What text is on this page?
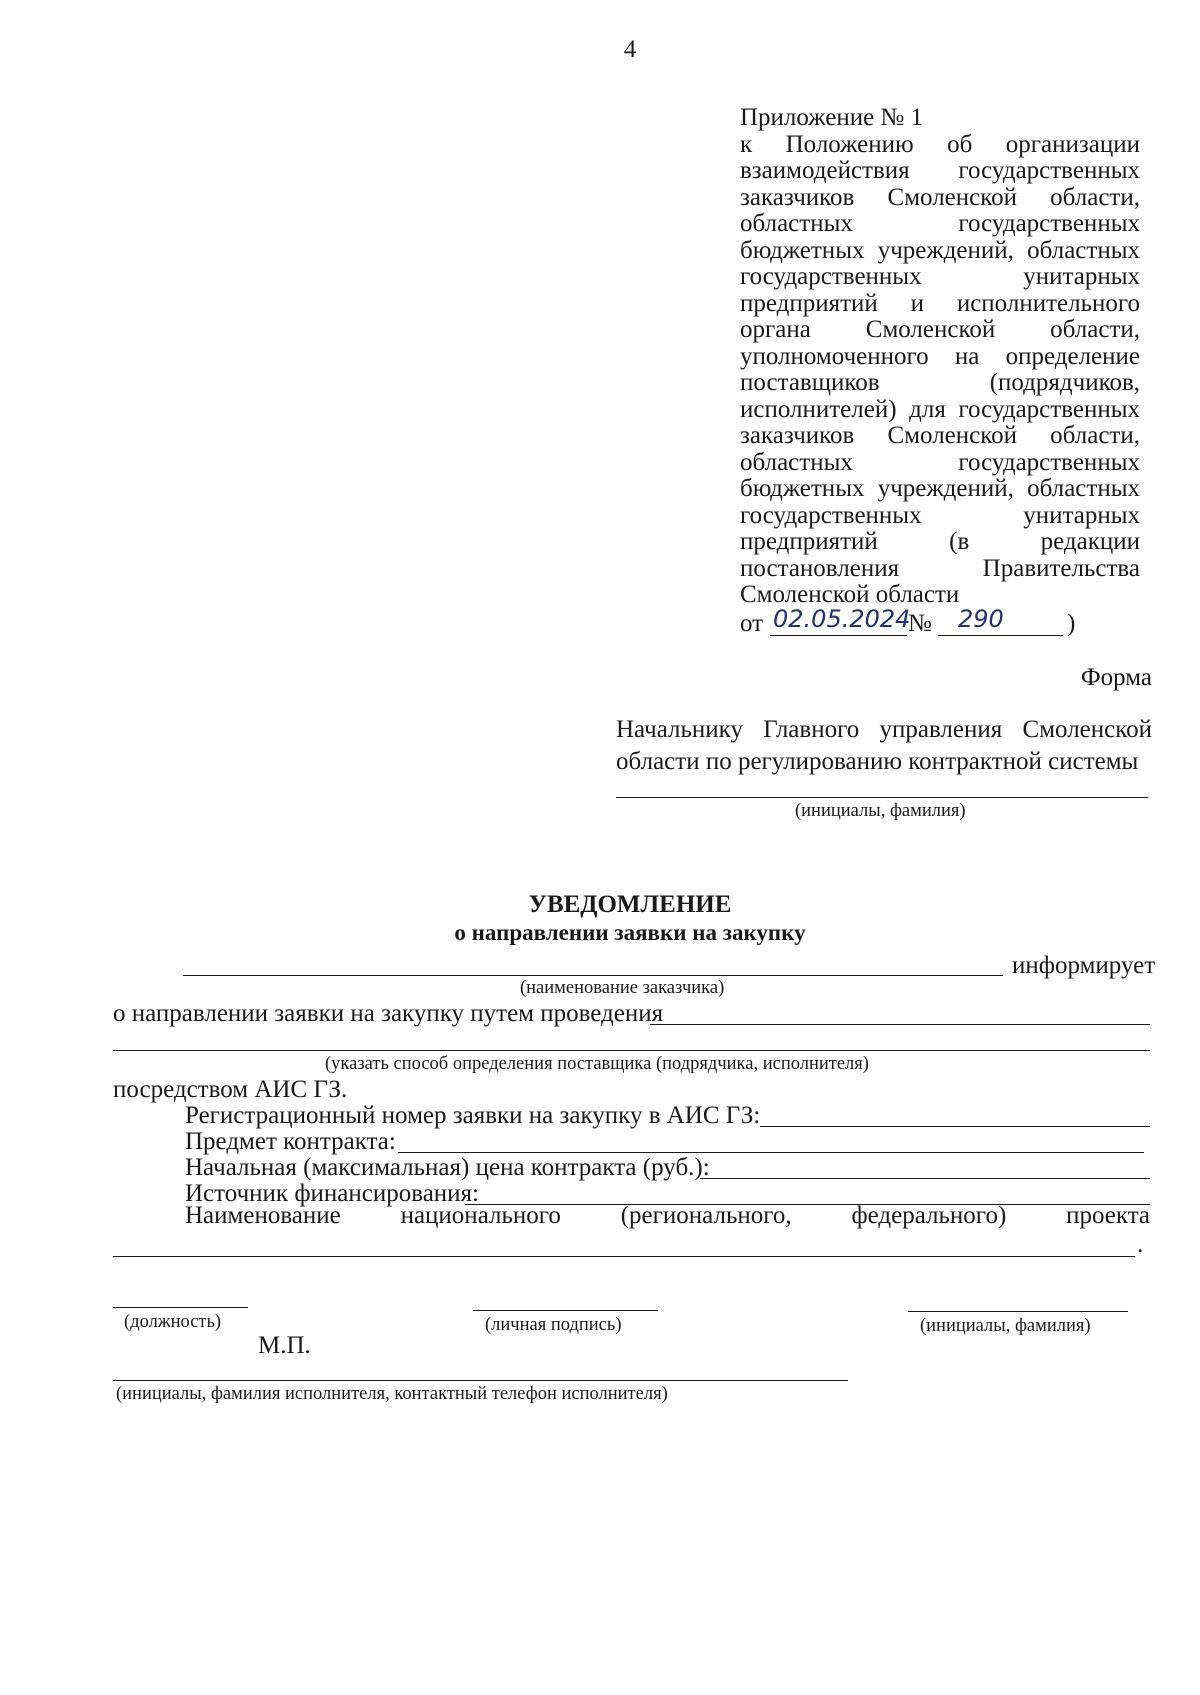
4
Приложение № 1
к Положению об организации
взаимодействия государственных
заказчиков Смоленской области,
областных государственных
бюджетных учреждений, областных
государственных унитарных
предприятий и исполнительного
органа Смоленской области,
уполномоченного на определение
поставщиков (подрядчиков,
исполнителей) для государственных
заказчиков Смоленской области,
областных государственных
бюджетных учреждений, областных
государственных унитарных
предприятий (в редакции
постановления Правительства
Смоленской области
от 02.05.2024
№ 290	)
Форма
Начальнику Главного управления Смоленской
области по регулированию контрактной системы
(инициалы, фамилия)
УВЕДОМЛЕНИЕ
о направлении заявки на закупку
информирует
(наименование заказчика)
о направлении заявки на закупку путем проведения
(указать способ определения поставщика (подрядчика, исполнителя)
посредством АИС ГЗ.
Регистрационный номер заявки на закупку в АИС ГЗ:
Предмет контракта:
Начальная (максимальная) цена контракта (руб.):
Источник финансирования:
Наименование национального (регионального, федерального) проекта
.
(должность)	(личная подпись)	(инициалы, фамилия)
М.П.
(инициалы, фамилия исполнителя, контактный телефон исполнителя)
